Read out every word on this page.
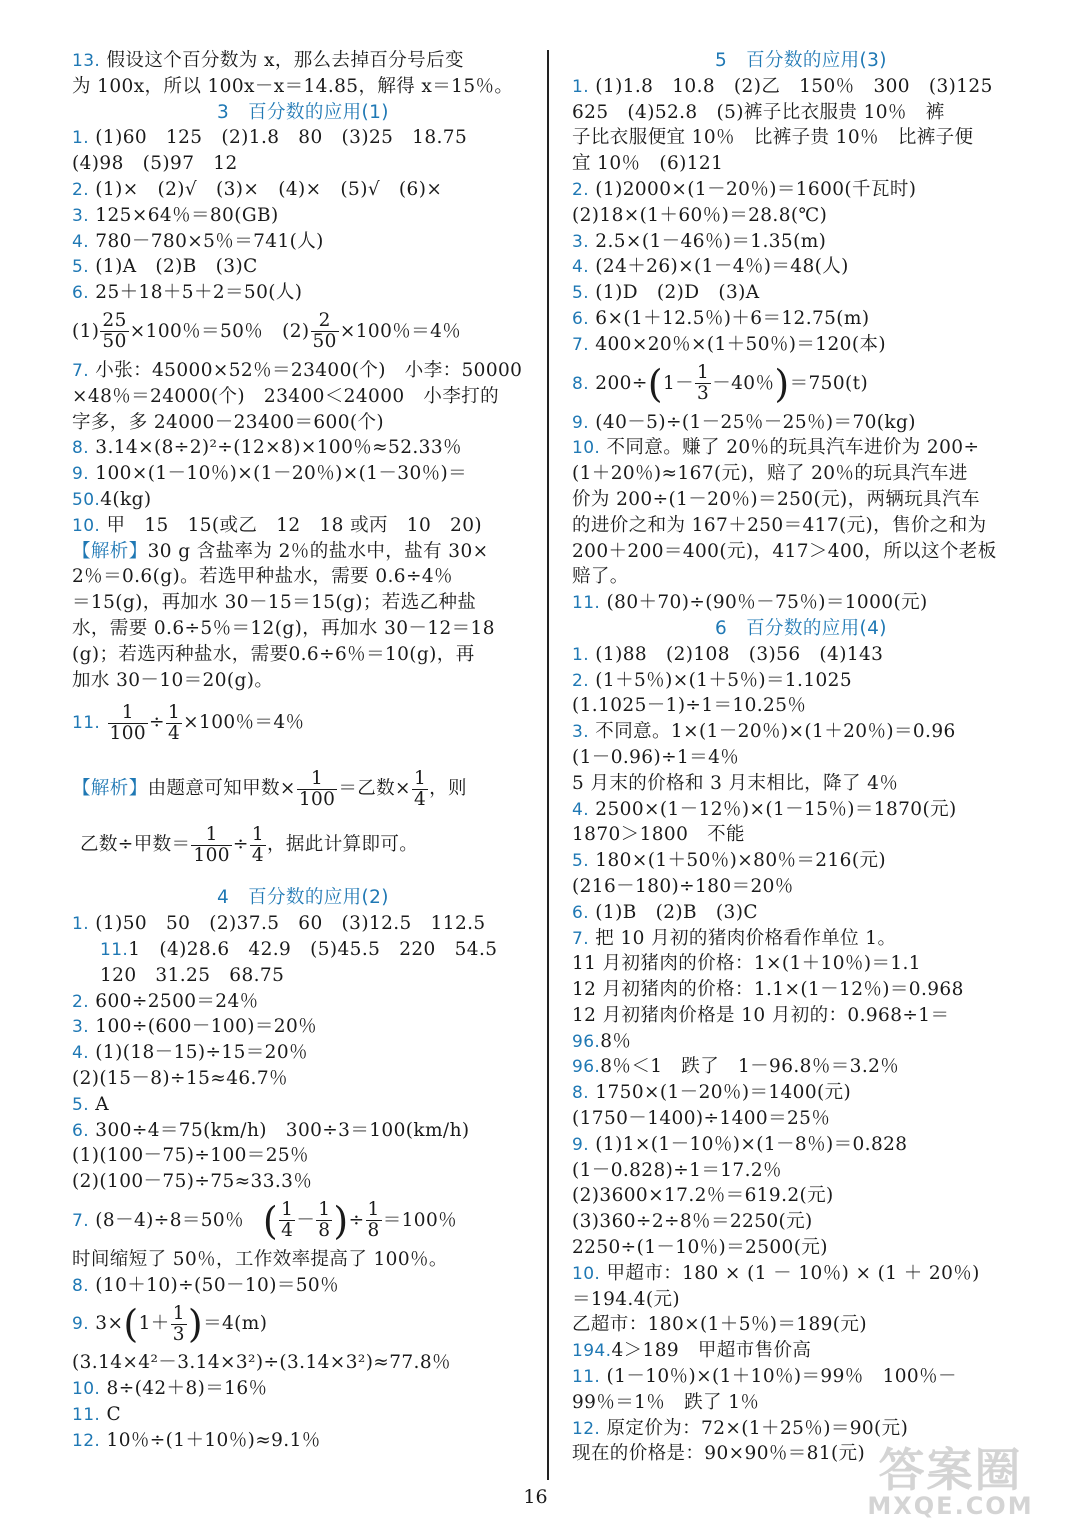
13. 假设这个百分数为 x，那么去掉百分号后变
为 100x，所以 100x－x＝14.85，解得 x＝15％。
3　百分数的应用(1)
1. (1)60　125　(2)1.8　80　(3)25　18.75
(4)98　(5)97　12
2. (1)×　(2)√　(3)×　(4)×　(5)√　(6)×
3. 125×64％＝80(GB)
4. 780－780×5％＝741(人)
5. (1)A　(2)B　(3)C
6. 25＋18＋5＋2＝50(人)
$(1) \frac{25}{50} \times 100$％＝50％　$(2) \frac{2}{50} \times 100$％＝4％
7. 小张：45000×52％＝23400(个)　小李：50000
×48％＝24000(个)　23400＜24000　小李打的
字多，多 24000－23400＝600(个)
8. 3.14×(8÷2)²÷(12×8)×100％≈52.33％
9. 100×(1－10％)×(1－20％)×(1－30％)＝
50.4(kg)
10. 甲　15　15(或乙　12　18 或丙　10　20)
【解析】30 g 含盐率为 2％的盐水中，盐有 30×
2％＝0.6(g)。若选甲种盐水，需要 0.6÷4％
＝15(g)，再加水 30－15＝15(g)；若选乙种盐
水，需要 0.6÷5％＝12(g)，再加水 30－12＝18
(g)；若选丙种盐水，需要0.6÷6％＝10(g)，再
加水 30－10＝20(g)。
11. $\frac{1}{100} \div \frac{1}{4} \times 100$％＝4％
【解析】由题意可知甲数× $\frac{1}{100}$ ＝乙数× $\frac{1}{4}$ ，则
乙数÷甲数＝ $\frac{1}{100} \div \frac{1}{4}$ ，据此计算即可。
4　百分数的应用(2)
1. (1)50　50　(2)37.5　60　(3)12.5　112.5
11.1　(4)28.6　42.9　(5)45.5　220　54.5
120　31.25　68.75
2. 600÷2500＝24％
3. 100÷(600－100)＝20％
4. (1)(18－15)÷15＝20％
(2)(15－8)÷15≈46.7％
5. A
6. 300÷4＝75(km/h)　300÷3＝100(km/h)
(1)(100－75)÷100＝25％
(2)(100－75)÷75≈33.3％
7. (8－4)÷8＝50％　( $\frac{1}{4} - \frac{1}{8}$ )÷ $\frac{1}{8} =100$％
时间缩短了 50％，工作效率提高了 100％。
8. (10＋10)÷(50－10)＝50％
9. $3\times(1+ \frac{1}{3} )=4(m)$
(3.14×4²－3.14×3²)÷(3.14×3²)≈77.8％
10. 8÷(42＋8)＝16％
11. C
12. 10％÷(1＋10％)≈9.1％
5　百分数的应用(3)
1. (1)1.8　10.8　(2)乙　150％　300　(3)125
625　(4)52.8　(5)裤子比衣服贵 10％　裤
子比衣服便宜 10％　比裤子贵 10％　比裤子便
宜 10％　(6)121
2. (1)2000×(1－20％)＝1600(千瓦时)
(2)18×(1＋60％)＝28.8(℃)
3. 2.5×(1－46％)＝1.35(m)
4. (24＋26)×(1－4％)＝48(人)
5. (1)D　(2)D　(3)A
6. 6×(1＋12.5％)＋6＝12.75(m)
7. 400×20％×(1＋50％)＝120(本)
8. $200\div(1- \frac{1}{3} -40$％)＝750(t)
9. (40－5)÷(1－25％－25％)＝70(kg)
10. 不同意。赚了 20％的玩具汽车进价为 200÷
(1＋20％)≈167(元)，赔了 20％的玩具汽车进
价为 200÷(1－20％)＝250(元)，两辆玩具汽车
的进价之和为 167＋250＝417(元)，售价之和为
200＋200＝400(元)，417＞400，所以这个老板
赔了。
11. (80＋70)÷(90％－75％)＝1000(元)
6　百分数的应用(4)
1. (1)88　(2)108　(3)56　(4)143
2. (1＋5％)×(1＋5％)＝1.1025
(1.1025－1)÷1＝10.25％
3. 不同意。1×(1－20％)×(1＋20％)＝0.96
(1－0.96)÷1＝4％
5 月末的价格和 3 月末相比，降了 4％
4. 2500×(1－12％)×(1－15％)＝1870(元)
1870＞1800　不能
5. 180×(1＋50％)×80％＝216(元)
(216－180)÷180＝20％
6. (1)B　(2)B　(3)C
7. 把 10 月初的猪肉价格看作单位 1。
11 月初猪肉的价格：1×(1＋10％)＝1.1
12 月初猪肉的价格：1.1×(1－12％)＝0.968
12 月初猪肉价格是 10 月初的：0.968÷1＝
96.8％
96.8％＜1　跌了　1－96.8％＝3.2％
8. 1750×(1－20％)＝1400(元)
(1750－1400)÷1400＝25％
9. (1)1×(1－10％)×(1－8％)＝0.828
(1－0.828)÷1＝17.2％
(2)3600×17.2％＝619.2(元)
(3)360÷2÷8％＝2250(元)
2250÷(1－10％)＝2500(元)
10. 甲超市：180 × (1 － 10％) × (1 ＋ 20％)
＝194.4(元)
乙超市：180×(1＋5％)＝189(元)
194.4＞189　甲超市售价高
11. (1－10％)×(1＋10％)＝99％　100％－
99％＝1％　跌了 1％
12. 原定价为：72×(1＋25％)＝90(元)
现在的价格是：90×90％＝81(元)
16	答案圈
MXQE.COM
